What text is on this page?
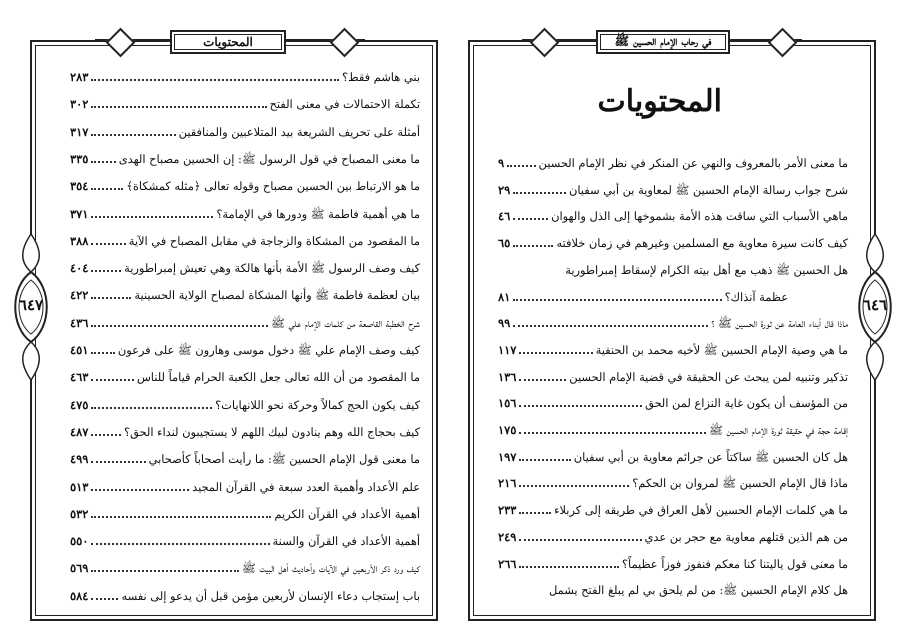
المحتويات
٦٤٧
بني هاشم فقط؟
٢٨٣
تكملة الاحتمالات في معنى الفتح
٣٠٢
أمثلة على تحريف الشريعة بيد المتلاعبين والمنافقين
٣١٧
ما معنى المصباح في قول الرسول ﷺ: إن الحسين مصباح الهدى
٣٣٥
ما هو الارتباط بين الحسين مصباح وقوله تعالى ﴿مثله كمشكاة﴾
٣٥٤
ما هي أهمية فاطمة ﷺ ودورها في الإمامة؟
٣٧١
ما المقصود من المشكاة والزجاجة في مقابل المصباح في الآية
٣٨٨
كيف وصف الرسول ﷺ الأمة بأنها هالكة وهي تعيش إمبراطورية
٤٠٤
بيان لعظمة فاطمة ﷺ وأنها المشكاة لمصباح الولاية الحسينية
٤٢٢
شرح الخطبة القاصعة من كلمات الإمام علي ﷺ
٤٣٦
كيف وصف الإمام علي ﷺ دخول موسى وهارون ﷺ على فرعون
٤٥١
ما المقصود من أن الله تعالى جعل الكعبة الحرام قياماً للناس
٤٦٣
كيف يكون الحج كمالاً وحركة نحو اللانهايات؟
٤٧٥
كيف بحجاج الله وهم ينادون لبيك اللهم لا يستجيبون لنداء الحق؟
٤٨٧
ما معنى قول الإمام الحسين ﷺ: ما رأيت أصحاباً كأصحابي
٤٩٩
علم الأعداد وأهمية العدد سبعة في القرآن المجيد
٥١٣
أهمية الأعداد في القرآن الكريم
٥٣٢
أهمية الأعداد في القرآن والسنة
٥٥٠
كيف ورد ذكر الأربعين في الآيات وأحاديث أهل البيت ﷺ
٥٦٩
باب إستجاب دعاء الإنسان لأربعين مؤمن قبل أن يدعو إلى نفسه
٥٨٤
في رحاب الإمام الحسين ﷺ
المحتويات
٦٤٦
ما معنى الأمر بالمعروف والنهي عن المنكر في نظر الإمام الحسين
٩
شرح جواب رسالة الإمام الحسين ﷺ لمعاوية بن أبي سفيان
٢٩
ماهي الأسباب التي ساقت هذه الأمة بشموخها إلى الذل والهوان
٤٦
كيف كانت سيرة معاوية مع المسلمين وغيرهم في زمان خلافته
٦٥
هل الحسين ﷺ ذهب مع أهل بيته الكرام لإسقاط إمبراطورية
عظمة آنذاك؟
٨١
ماذا قال أبناء العامة عن ثورة الحسين ﷺ ؟
٩٩
ما هي وصية الإمام الحسين ﷺ لأخيه محمد بن الحنفية
١١٧
تذكير وتنبيه لمن يبحث عن الحقيقة في قضية الإمام الحسين
١٣٦
من المؤسف أن يكون غاية النزاع لمن الحق
١٥٦
إقامة حجة في حقيقة ثورة الإمام الحسين ﷺ
١٧٥
هل كان الحسين ﷺ ساكتاً عن جرائم معاوية بن أبي سفيان
١٩٧
ماذا قال الإمام الحسين ﷺ لمروان بن الحكم؟
٢١٦
ما هي كلمات الإمام الحسين لأهل العراق في طريقه إلى كربلاء
٢٣٣
من هم الذين قتلهم معاوية مع حجر بن عدي
٢٤٩
ما معنى قول ياليتنا كنا معكم فنفوز فوزاً عظيماً؟
٢٦٦
هل كلام الإمام الحسين ﷺ: من لم يلحق بي لم يبلغ الفتح يشمل
